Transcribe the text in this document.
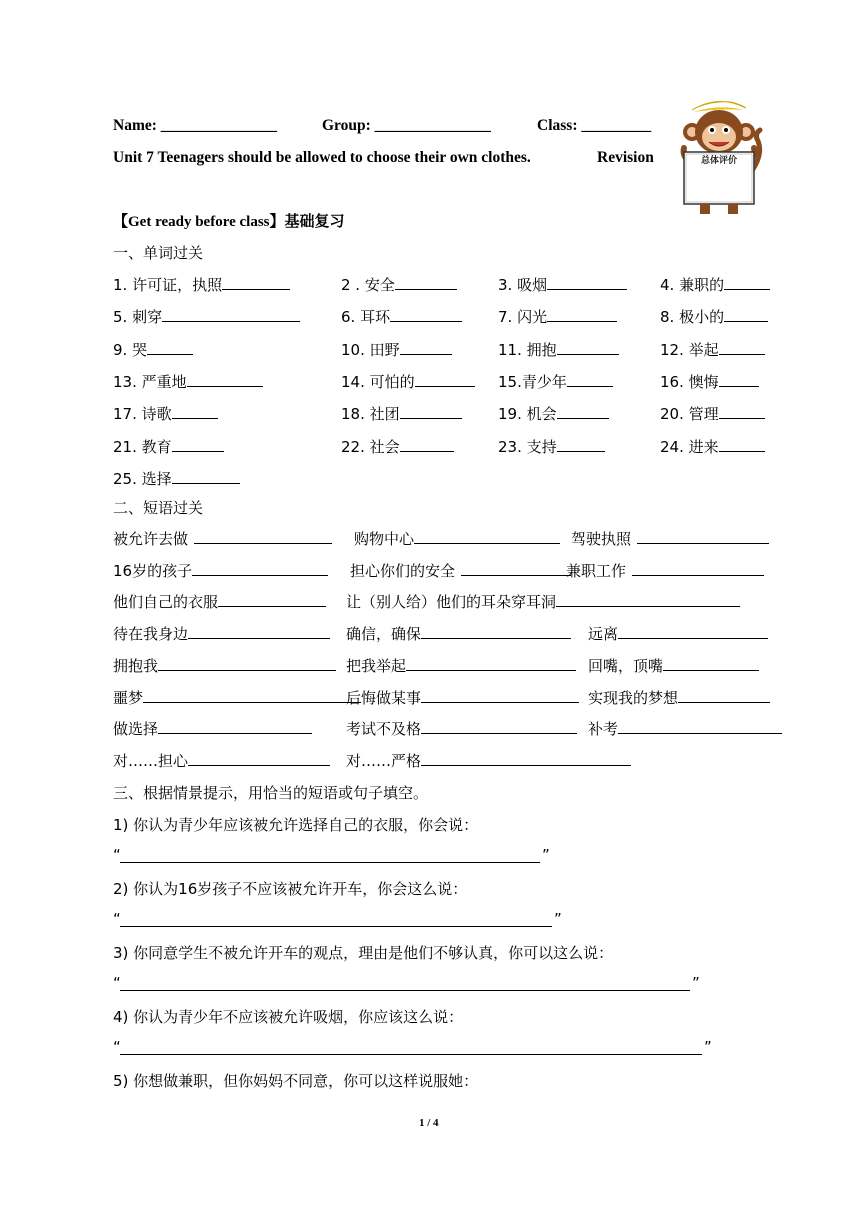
Name: _______________	Group: _______________	Class: _________
Unit 7 Teenagers should be allowed to choose their own clothes.	Revision	总体评价
【Get ready before class】基础复习
一、单词过关
1. 许可证，执照	2 . 安全	3. 吸烟	4. 兼职的
5. 刺穿	6. 耳环	7. 闪光	8. 极小的
9. 哭	10. 田野	11. 拥抱	12. 举起
13. 严重地	14. 可怕的	15.青少年	16. 懊悔
17. 诗歌	18. 社团	19. 机会	20. 管理
21. 教育	22. 社会	23. 支持	24. 进来
25. 选择
二、短语过关
被允许去做	购物中心	驾驶执照
16岁的孩子	担心你们的安全	兼职工作
他们自己的衣服	让（别人给）他们的耳朵穿耳洞
待在我身边	确信，确保	远离
拥抱我	把我举起	回嘴，顶嘴
噩梦	后悔做某事	实现我的梦想
做选择	考试不及格	补考
对……担心	对……严格
三、根据情景提示，用恰当的短语或句子填空。
1) 你认为青少年应该被允许选择自己的衣服，你会说：
“	”
2) 你认为16岁孩子不应该被允许开车，你会这么说：
“	”
3) 你同意学生不被允许开车的观点，理由是他们不够认真，你可以这么说：
“	”
4) 你认为青少年不应该被允许吸烟，你应该这么说：
“	”
5) 你想做兼职，但你妈妈不同意，你可以这样说服她：
1 / 4
